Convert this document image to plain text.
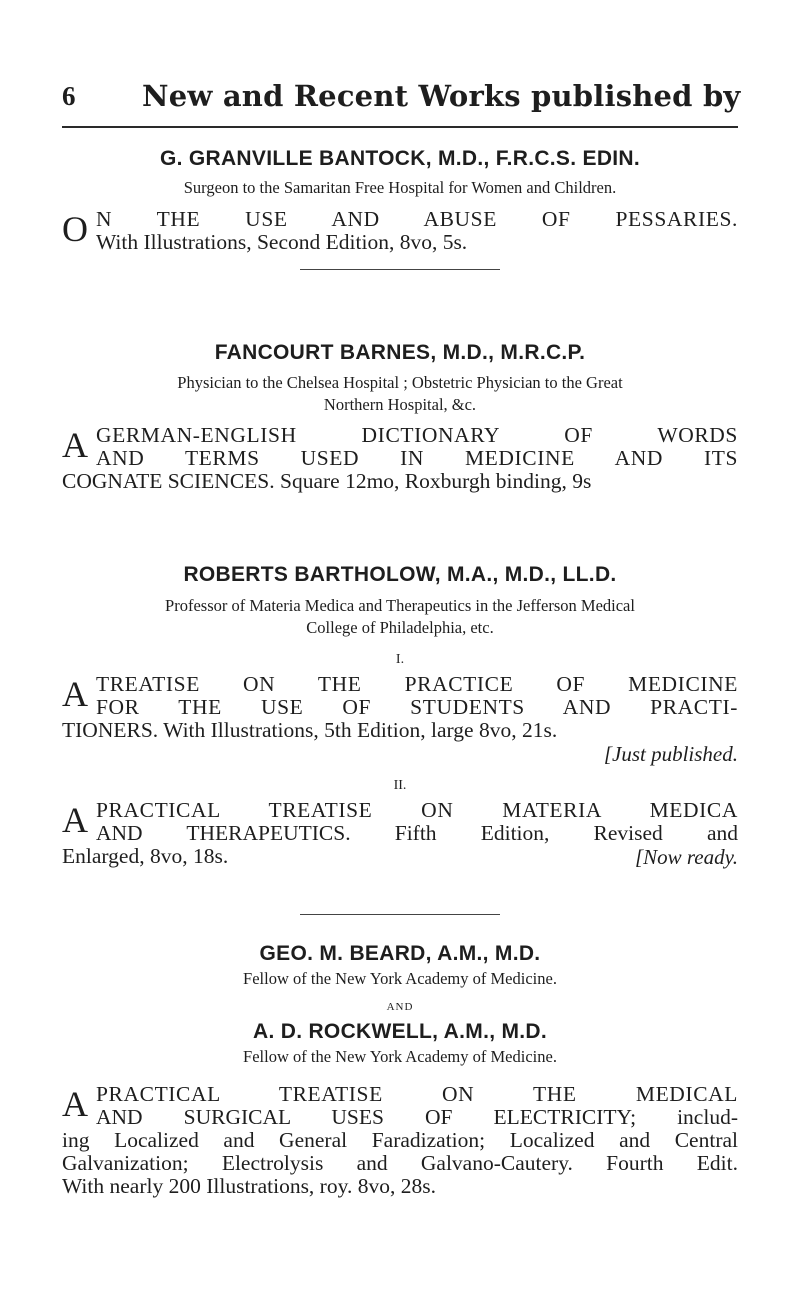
6 New and Recent Works published by
G. GRANVILLE BANTOCK, M.D., F.R.C.S. EDIN.
Surgeon to the Samaritan Free Hospital for Women and Children.
O N THE USE AND ABUSE OF PESSARIES.
With Illustrations, Second Edition, 8vo, 5s.
FANCOURT BARNES, M.D., M.R.C.P.
Physician to the Chelsea Hospital ; Obstetric Physician to the Great
Northern Hospital, &c.
A GERMAN-ENGLISH DICTIONARY OF WORDS
AND TERMS USED IN MEDICINE AND ITS
COGNATE SCIENCES. Square 12mo, Roxburgh binding, 9s
ROBERTS BARTHOLOW, M.A., M.D., LL.D.
Professor of Materia Medica and Therapeutics in the Jefferson Medical
College of Philadelphia, etc.
I.
A TREATISE ON THE PRACTICE OF MEDICINE
FOR THE USE OF STUDENTS AND PRACTI-
TIONERS. With Illustrations, 5th Edition, large 8vo, 21s.
[Just published.
II.
A PRACTICAL TREATISE ON MATERIA MEDICA
AND THERAPEUTICS. Fifth Edition, Revised and
Enlarged, 8vo, 18s.	[Now ready.
GEO. M. BEARD, A.M., M.D.
Fellow of the New York Academy of Medicine.
AND
A. D. ROCKWELL, A.M., M.D.
Fellow of the New York Academy of Medicine.
A PRACTICAL TREATISE ON THE MEDICAL
AND SURGICAL USES OF ELECTRICITY; includ-
ing Localized and General Faradization; Localized and Central
Galvanization; Electrolysis and Galvano-Cautery. Fourth Edit.
With nearly 200 Illustrations, roy. 8vo, 28s.
